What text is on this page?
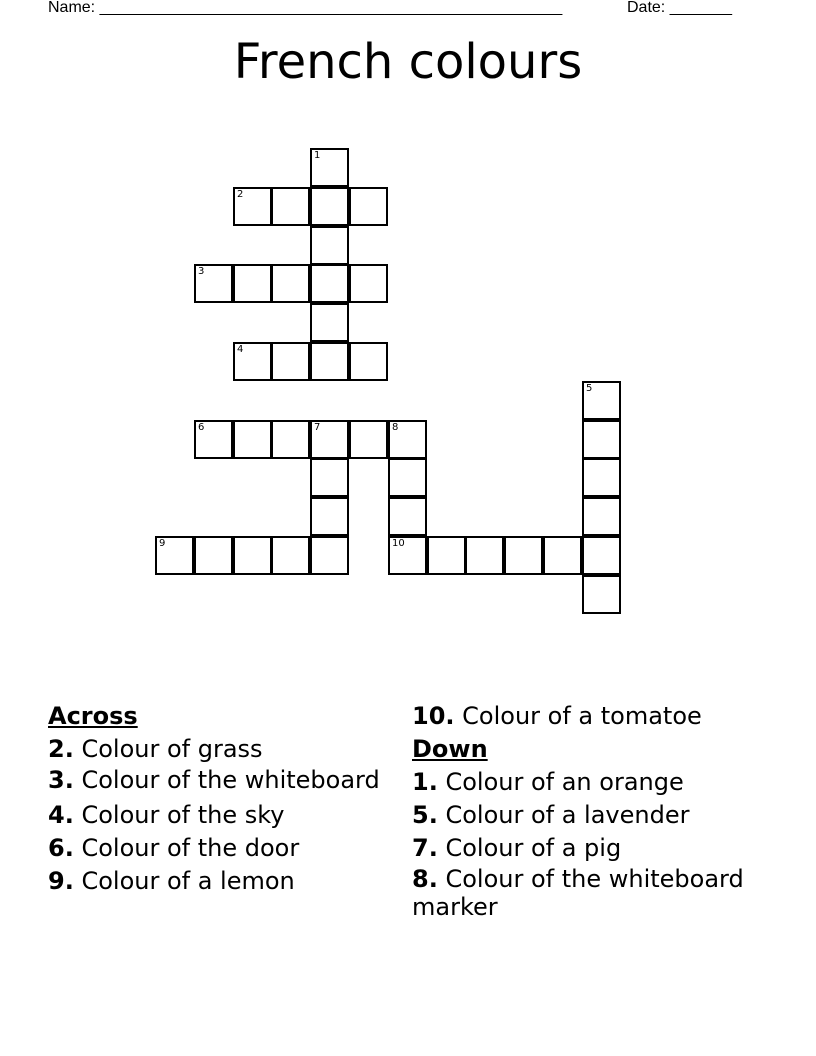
Name: ____________________________________________________	Date: _______
French colours
1
2
3
4
5
6	7	8
9	10
Across
2. Colour of grass
3. Colour of the whiteboard
4. Colour of the sky
6. Colour of the door
9. Colour of a lemon
10. Colour of a tomatoe
Down
1. Colour of an orange
5. Colour of a lavender
7. Colour of a pig
8. Colour of the whiteboard marker
